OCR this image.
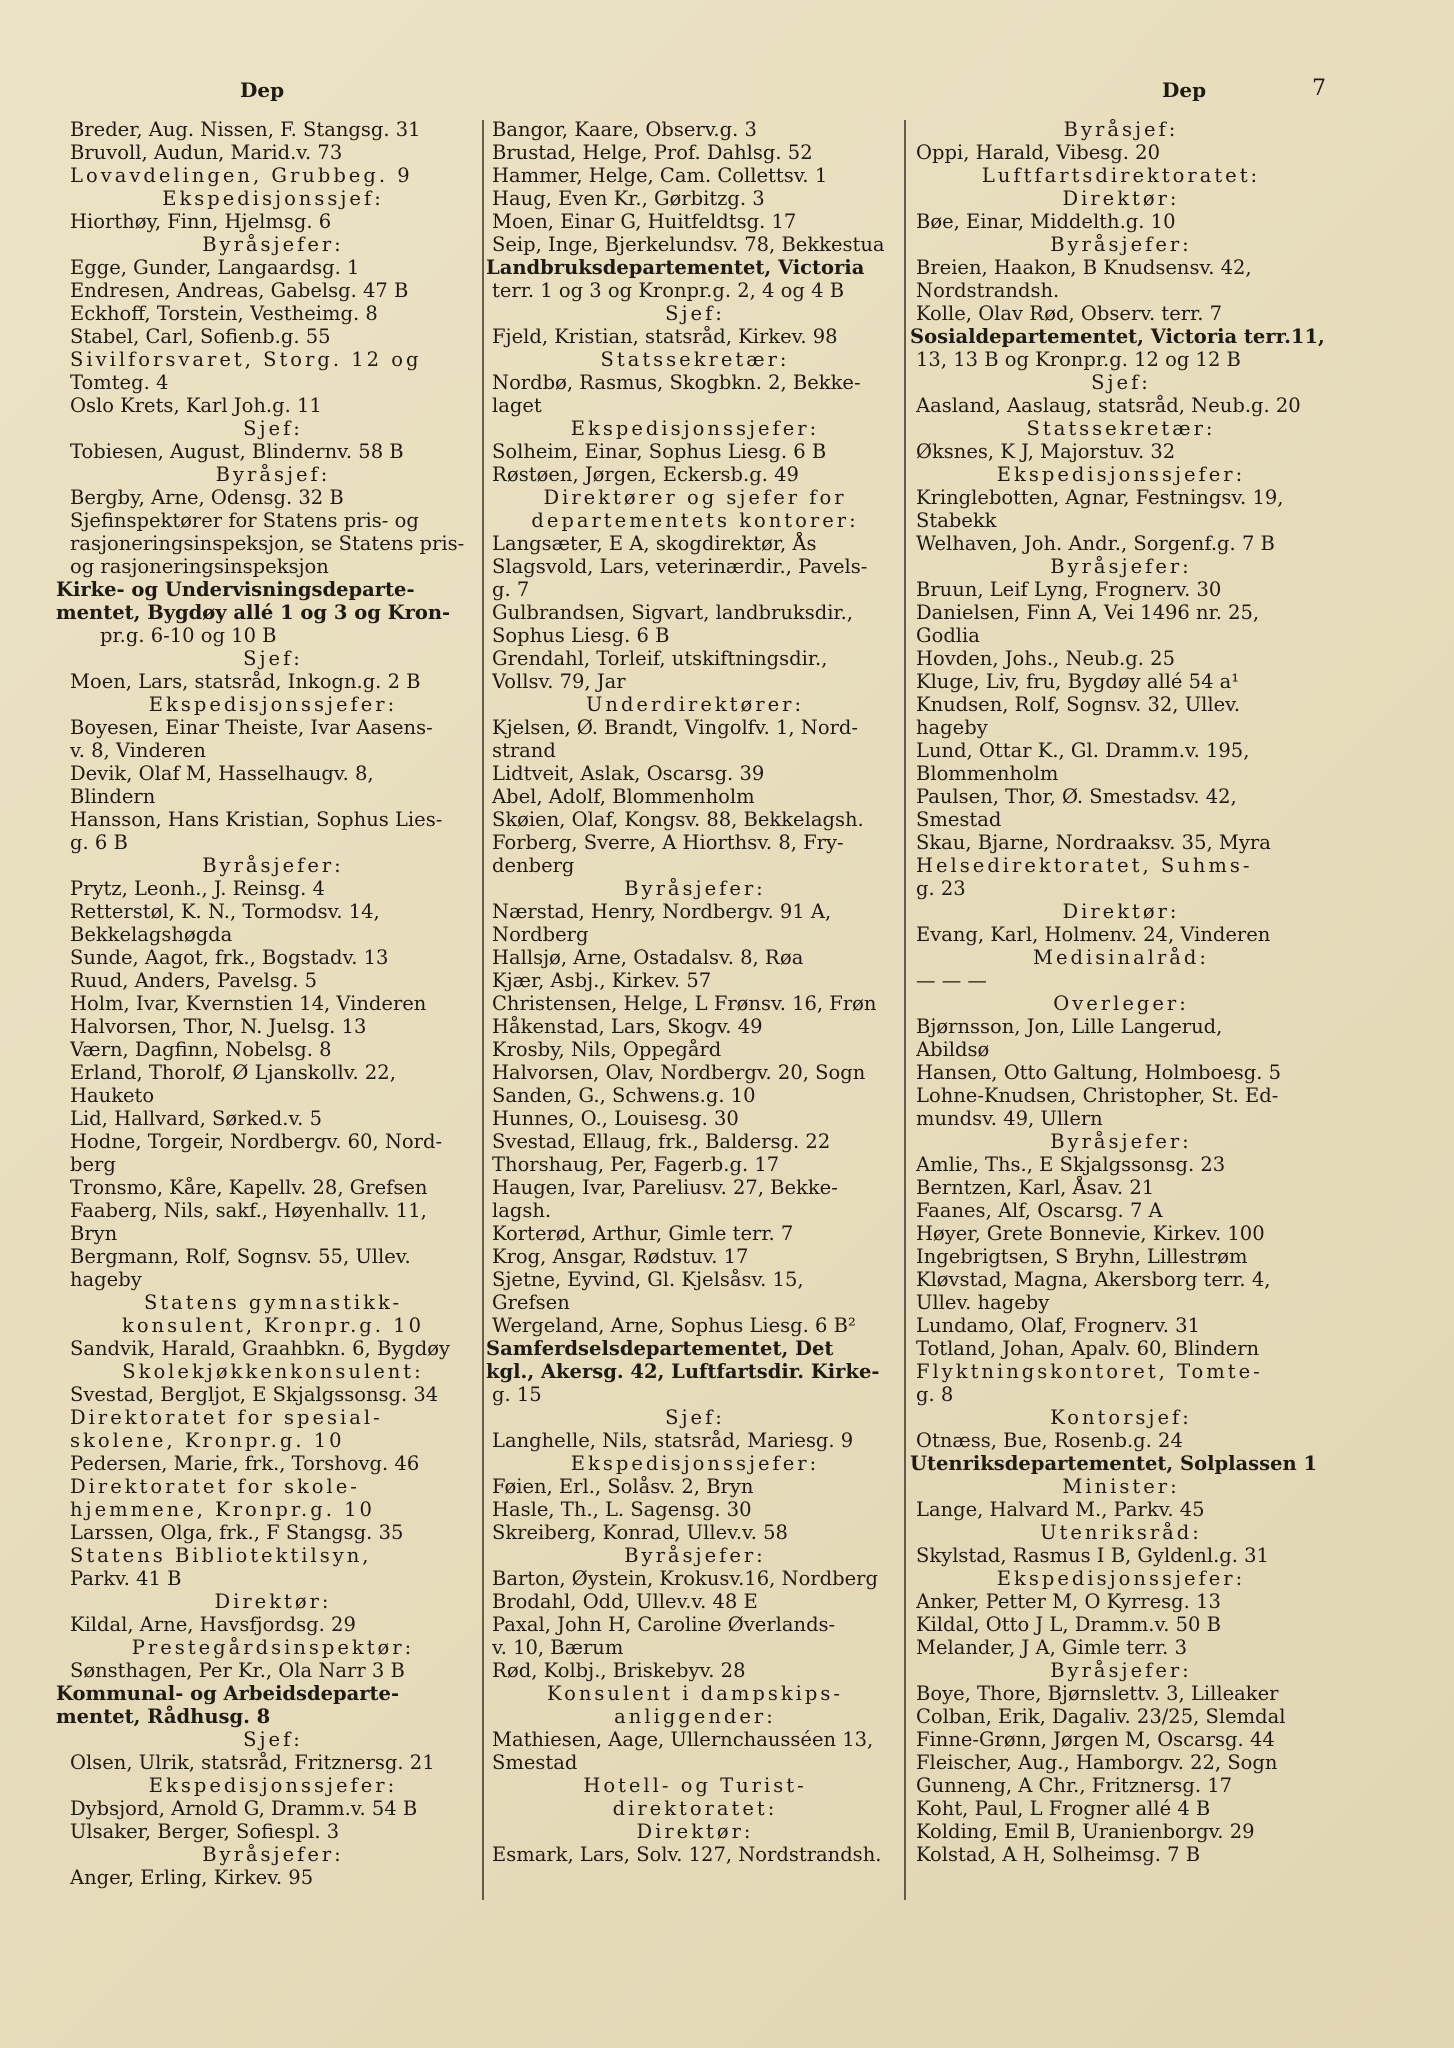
Dep	Dep	7
Breder, Aug. Nissen, F. Stangsg. 31
Bruvoll, Audun, Marid.v. 73
Lovavdelingen, Grubbeg. 9
Ekspedisjonssjef:
Hiorthøy, Finn, Hjelmsg. 6
Byråsjefer:
Egge, Gunder, Langaardsg. 1
Endresen, Andreas, Gabelsg. 47 B
Eckhoff, Torstein, Vestheimg. 8
Stabel, Carl, Sofienb.g. 55
Sivilforsvaret, Storg. 12 og
Tomteg. 4
Oslo Krets, Karl Joh.g. 11
Sjef:
Tobiesen, August, Blindernv. 58 B
Byråsjef:
Bergby, Arne, Odensg. 32 B
Sjefinspektører for Statens pris- og
rasjoneringsinspeksjon, se Statens pris-
og rasjoneringsinspeksjon
Kirke- og Undervisningsdeparte-
mentet, Bygdøy allé 1 og 3 og Kron-
pr.g. 6-10 og 10 B
Sjef:
Moen, Lars, statsråd, Inkogn.g. 2 B
Ekspedisjonssjefer:
Boyesen, Einar Theiste, Ivar Aasens-
v. 8, Vinderen
Devik, Olaf M, Hasselhaugv. 8,
Blindern
Hansson, Hans Kristian, Sophus Lies-
g. 6 B
Byråsjefer:
Prytz, Leonh., J. Reinsg. 4
Retterstøl, K. N., Tormodsv. 14,
Bekkelagshøgda
Sunde, Aagot, frk., Bogstadv. 13
Ruud, Anders, Pavelsg. 5
Holm, Ivar, Kvernstien 14, Vinderen
Halvorsen, Thor, N. Juelsg. 13
Værn, Dagfinn, Nobelsg. 8
Erland, Thorolf, Ø Ljanskollv. 22,
Hauketo
Lid, Hallvard, Sørked.v. 5
Hodne, Torgeir, Nordbergv. 60, Nord-
berg
Tronsmo, Kåre, Kapellv. 28, Grefsen
Faaberg, Nils, sakf., Høyenhallv. 11,
Bryn
Bergmann, Rolf, Sognsv. 55, Ullev.
hageby
Statens gymnastikk-
konsulent, Kronpr.g. 10
Sandvik, Harald, Graahbkn. 6, Bygdøy
Skolekjøkkenkonsulent:
Svestad, Bergljot, E Skjalgssonsg. 34
Direktoratet for spesial-
skolene, Kronpr.g. 10
Pedersen, Marie, frk., Torshovg. 46
Direktoratet for skole-
hjemmene, Kronpr.g. 10
Larssen, Olga, frk., F Stangsg. 35
Statens Bibliotektilsyn,
Parkv. 41 B
Direktør:
Kildal, Arne, Havsfjordsg. 29
Prestegårdsinspektør:
Sønsthagen, Per Kr., Ola Narr 3 B
Kommunal- og Arbeidsdeparte-
mentet, Rådhusg. 8
Sjef:
Olsen, Ulrik, statsråd, Fritznersg. 21
Ekspedisjonssjefer:
Dybsjord, Arnold G, Dramm.v. 54 B
Ulsaker, Berger, Sofiespl. 3
Byråsjefer:
Anger, Erling, Kirkev. 95
Bangor, Kaare, Observ.g. 3
Brustad, Helge, Prof. Dahlsg. 52
Hammer, Helge, Cam. Collettsv. 1
Haug, Even Kr., Gørbitzg. 3
Moen, Einar G, Huitfeldtsg. 17
Seip, Inge, Bjerkelundsv. 78, Bekkestua
Landbruksdepartementet, Victoria
terr. 1 og 3 og Kronpr.g. 2, 4 og 4 B
Sjef:
Fjeld, Kristian, statsråd, Kirkev. 98
Statssekretær:
Nordbø, Rasmus, Skogbkn. 2, Bekke-
laget
Ekspedisjonssjefer:
Solheim, Einar, Sophus Liesg. 6 B
Røstøen, Jørgen, Eckersb.g. 49
Direktører og sjefer for
departementets kontorer:
Langsæter, E A, skogdirektør, Ås
Slagsvold, Lars, veterinærdir., Pavels-
g. 7
Gulbrandsen, Sigvart, landbruksdir.,
Sophus Liesg. 6 B
Grendahl, Torleif, utskiftningsdir.,
Vollsv. 79, Jar
Underdirektører:
Kjelsen, Ø. Brandt, Vingolfv. 1, Nord-
strand
Lidtveit, Aslak, Oscarsg. 39
Abel, Adolf, Blommenholm
Skøien, Olaf, Kongsv. 88, Bekkelagsh.
Forberg, Sverre, A Hiorthsv. 8, Fry-
denberg
Byråsjefer:
Nærstad, Henry, Nordbergv. 91 A,
Nordberg
Hallsjø, Arne, Ostadalsv. 8, Røa
Kjær, Asbj., Kirkev. 57
Christensen, Helge, L Frønsv. 16, Frøn
Håkenstad, Lars, Skogv. 49
Krosby, Nils, Oppegård
Halvorsen, Olav, Nordbergv. 20, Sogn
Sanden, G., Schwens.g. 10
Hunnes, O., Louisesg. 30
Svestad, Ellaug, frk., Baldersg. 22
Thorshaug, Per, Fagerb.g. 17
Haugen, Ivar, Pareliusv. 27, Bekke-
lagsh.
Korterød, Arthur, Gimle terr. 7
Krog, Ansgar, Rødstuv. 17
Sjetne, Eyvind, Gl. Kjelsåsv. 15,
Grefsen
Wergeland, Arne, Sophus Liesg. 6 B²
Samferdselsdepartementet, Det
kgl., Akersg. 42, Luftfartsdir. Kirke-
g. 15
Sjef:
Langhelle, Nils, statsråd, Mariesg. 9
Ekspedisjonssjefer:
Føien, Erl., Solåsv. 2, Bryn
Hasle, Th., L. Sagensg. 30
Skreiberg, Konrad, Ullev.v. 58
Byråsjefer:
Barton, Øystein, Krokusv.16, Nordberg
Brodahl, Odd, Ullev.v. 48 E
Paxal, John H, Caroline Øverlands-
v. 10, Bærum
Rød, Kolbj., Briskebyv. 28
Konsulent i dampskips-
anliggender:
Mathiesen, Aage, Ullernchausséen 13,
Smestad
Hotell- og Turist-
direktoratet:
Direktør:
Esmark, Lars, Solv. 127, Nordstrandsh.
Byråsjef:
Oppi, Harald, Vibesg. 20
Luftfartsdirektoratet:
Direktør:
Bøe, Einar, Middelth.g. 10
Byråsjefer:
Breien, Haakon, B Knudsensv. 42,
Nordstrandsh.
Kolle, Olav Rød, Observ. terr. 7
Sosialdepartementet, Victoria terr.11,
13, 13 B og Kronpr.g. 12 og 12 B
Sjef:
Aasland, Aaslaug, statsråd, Neub.g. 20
Statssekretær:
Øksnes, K J, Majorstuv. 32
Ekspedisjonssjefer:
Kringlebotten, Agnar, Festningsv. 19,
Stabekk
Welhaven, Joh. Andr., Sorgenf.g. 7 B
Byråsjefer:
Bruun, Leif Lyng, Frognerv. 30
Danielsen, Finn A, Vei 1496 nr. 25,
Godlia
Hovden, Johs., Neub.g. 25
Kluge, Liv, fru, Bygdøy allé 54 a¹
Knudsen, Rolf, Sognsv. 32, Ullev.
hageby
Lund, Ottar K., Gl. Dramm.v. 195,
Blommenholm
Paulsen, Thor, Ø. Smestadsv. 42,
Smestad
Skau, Bjarne, Nordraaksv. 35, Myra
Helsedirektoratet, Suhms-
g. 23
Direktør:
Evang, Karl, Holmenv. 24, Vinderen
Medisinalråd:
— — —
Overleger:
Bjørnsson, Jon, Lille Langerud,
Abildsø
Hansen, Otto Galtung, Holmboesg. 5
Lohne-Knudsen, Christopher, St. Ed-
mundsv. 49, Ullern
Byråsjefer:
Amlie, Ths., E Skjalgssonsg. 23
Berntzen, Karl, Åsav. 21
Faanes, Alf, Oscarsg. 7 A
Høyer, Grete Bonnevie, Kirkev. 100
Ingebrigtsen, S Bryhn, Lillestrøm
Kløvstad, Magna, Akersborg terr. 4,
Ullev. hageby
Lundamo, Olaf, Frognerv. 31
Totland, Johan, Apalv. 60, Blindern
Flyktningskontoret, Tomte-
g. 8
Kontorsjef:
Otnæss, Bue, Rosenb.g. 24
Utenriksdepartementet, Solplassen 1
Minister:
Lange, Halvard M., Parkv. 45
Utenriksråd:
Skylstad, Rasmus I B, Gyldenl.g. 31
Ekspedisjonssjefer:
Anker, Petter M, O Kyrresg. 13
Kildal, Otto J L, Dramm.v. 50 B
Melander, J A, Gimle terr. 3
Byråsjefer:
Boye, Thore, Bjørnslettv. 3, Lilleaker
Colban, Erik, Dagaliv. 23/25, Slemdal
Finne-Grønn, Jørgen M, Oscarsg. 44
Fleischer, Aug., Hamborgv. 22, Sogn
Gunneng, A Chr., Fritznersg. 17
Koht, Paul, L Frogner allé 4 B
Kolding, Emil B, Uranienborgv. 29
Kolstad, A H, Solheimsg. 7 B
